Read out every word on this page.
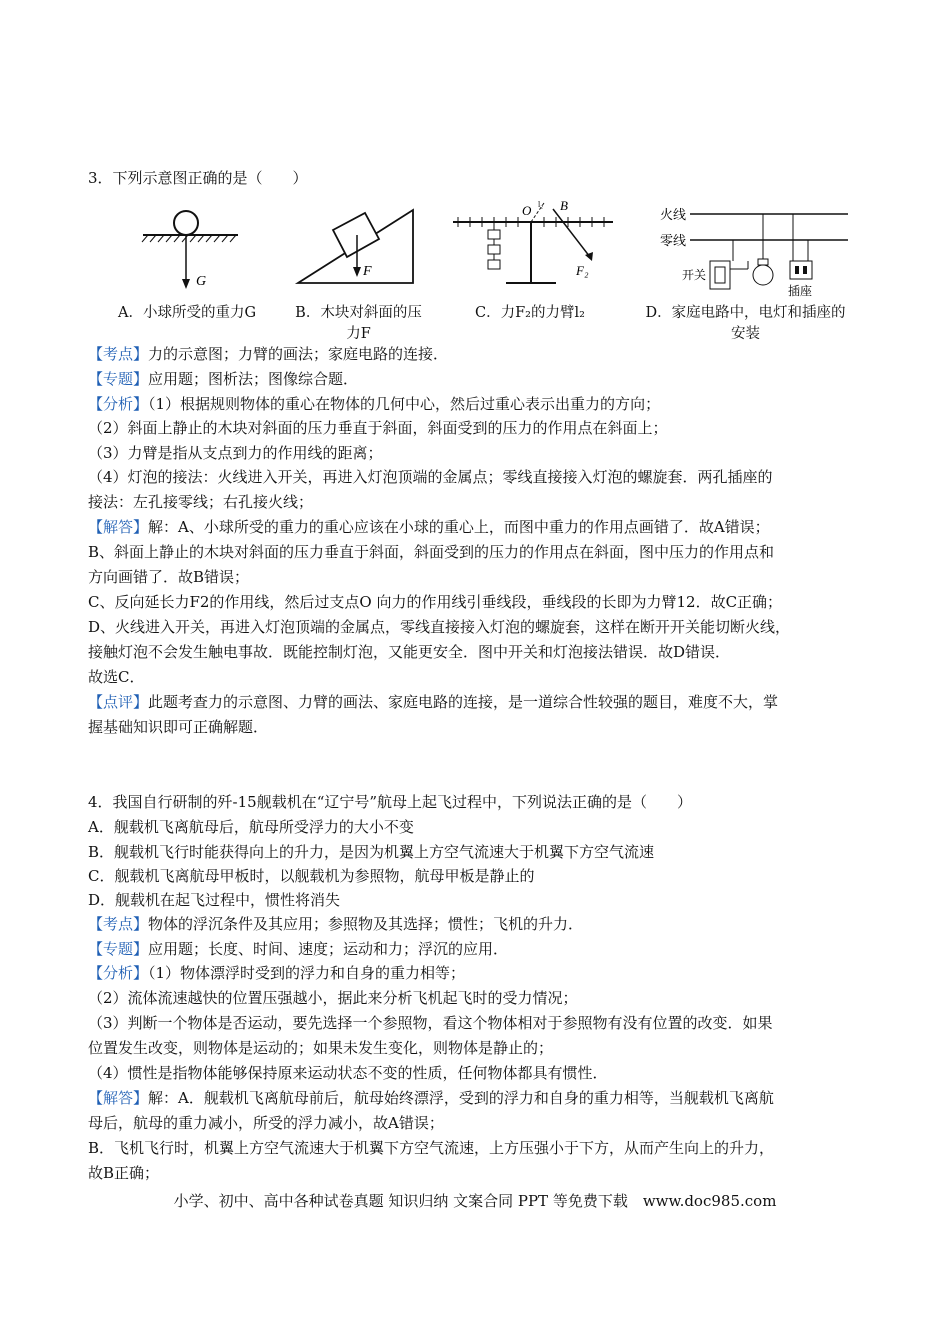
3．下列示意图正确的是（　　）
G
F
O B
l₂
F₂
火线
零线
开关
插座
A．小球所受的重力G	B．木块对斜面的压
力F
C．力F₂的力臂l₂	D．家庭电路中，电灯和插座的
安装
【考点】力的示意图；力臂的画法；家庭电路的连接．
【专题】应用题；图析法；图像综合题．
【分析】（1）根据规则物体的重心在物体的几何中心，然后过重心表示出重力的方向；
（2）斜面上静止的木块对斜面的压力垂直于斜面，斜面受到的压力的作用点在斜面上；
（3）力臂是指从支点到力的作用线的距离；
（4）灯泡的接法：火线进入开关，再进入灯泡顶端的金属点；零线直接接入灯泡的螺旋套．两孔插座的
接法：左孔接零线；右孔接火线；
【解答】解：A、小球所受的重力的重心应该在小球的重心上，而图中重力的作用点画错了．故A错误；
B、斜面上静止的木块对斜面的压力垂直于斜面，斜面受到的压力的作用点在斜面，图中压力的作用点和
方向画错了．故B错误；
C、反向延长力F2的作用线，然后过支点O 向力的作用线引垂线段，垂线段的长即为力臂12．故C正确；
D、火线进入开关，再进入灯泡顶端的金属点，零线直接接入灯泡的螺旋套，这样在断开开关能切断火线，
接触灯泡不会发生触电事故．既能控制灯泡，又能更安全．图中开关和灯泡接法错误．故D错误．
故选C．
【点评】此题考查力的示意图、力臂的画法、家庭电路的连接，是一道综合性较强的题目，难度不大，掌
握基础知识即可正确解题．
4．我国自行研制的歼-15舰载机在“辽宁号”航母上起飞过程中，下列说法正确的是（　　）
A．舰载机飞离航母后，航母所受浮力的大小不变
B．舰载机飞行时能获得向上的升力，是因为机翼上方空气流速大于机翼下方空气流速
C．舰载机飞离航母甲板时，以舰载机为参照物，航母甲板是静止的
D．舰载机在起飞过程中，惯性将消失
【考点】物体的浮沉条件及其应用；参照物及其选择；惯性；飞机的升力．
【专题】应用题；长度、时间、速度；运动和力；浮沉的应用．
【分析】（1）物体漂浮时受到的浮力和自身的重力相等；
（2）流体流速越快的位置压强越小，据此来分析飞机起飞时的受力情况；
（3）判断一个物体是否运动，要先选择一个参照物，看这个物体相对于参照物有没有位置的改变．如果
位置发生改变，则物体是运动的；如果未发生变化，则物体是静止的；
（4）惯性是指物体能够保持原来运动状态不变的性质，任何物体都具有惯性．
【解答】解：A．舰载机飞离航母前后，航母始终漂浮，受到的浮力和自身的重力相等，当舰载机飞离航
母后，航母的重力减小，所受的浮力减小，故A错误；
B．飞机飞行时，机翼上方空气流速大于机翼下方空气流速，上方压强小于下方，从而产生向上的升力，
故B正确；
小学、初中、高中各种试卷真题 知识归纳 文案合同 PPT 等免费下载　www.doc985.com
